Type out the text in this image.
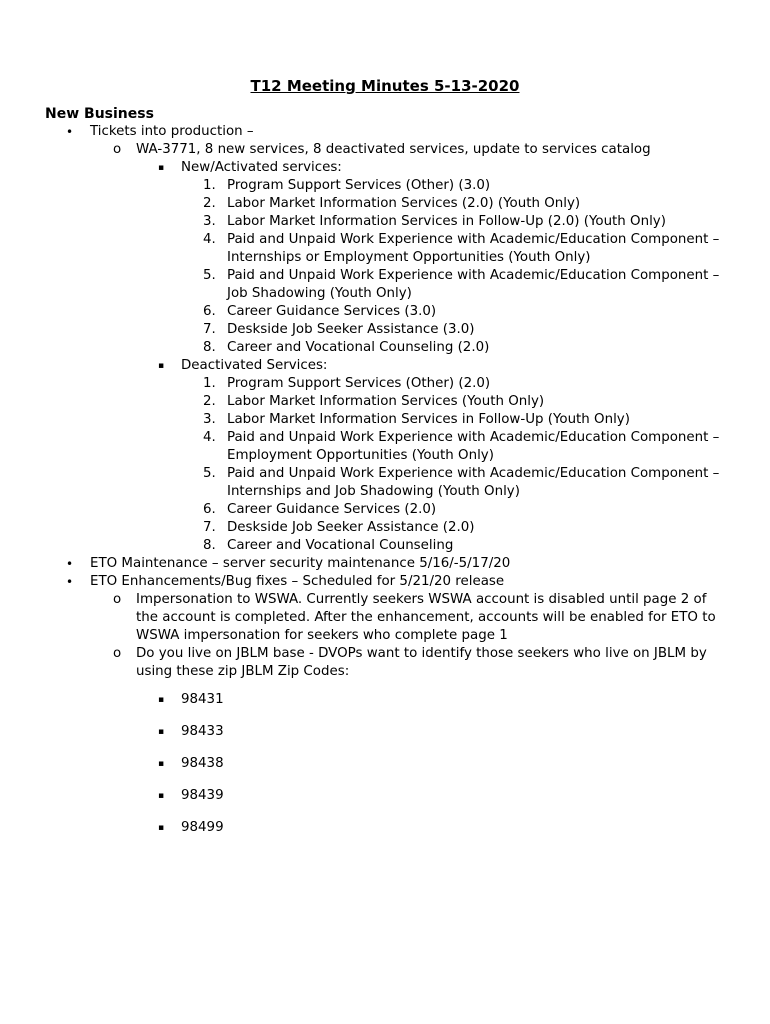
T12 Meeting Minutes 5-13-2020
New Business
• Tickets into production –
o WA-3771, 8 new services, 8 deactivated services, update to services catalog
▪ New/Activated services:
1. Program Support Services (Other) (3.0)
2. Labor Market Information Services (2.0) (Youth Only)
3. Labor Market Information Services in Follow-Up (2.0) (Youth Only)
4. Paid and Unpaid Work Experience with Academic/Education Component – Internships or Employment Opportunities (Youth Only)
5. Paid and Unpaid Work Experience with Academic/Education Component – Job Shadowing (Youth Only)
6. Career Guidance Services (3.0)
7. Deskside Job Seeker Assistance (3.0)
8. Career and Vocational Counseling (2.0)
▪ Deactivated Services:
1. Program Support Services (Other) (2.0)
2. Labor Market Information Services (Youth Only)
3. Labor Market Information Services in Follow-Up (Youth Only)
4. Paid and Unpaid Work Experience with Academic/Education Component – Employment Opportunities (Youth Only)
5. Paid and Unpaid Work Experience with Academic/Education Component – Internships and Job Shadowing (Youth Only)
6. Career Guidance Services (2.0)
7. Deskside Job Seeker Assistance (2.0)
8. Career and Vocational Counseling
• ETO Maintenance – server security maintenance 5/16/-5/17/20
• ETO Enhancements/Bug fixes – Scheduled for 5/21/20 release
o Impersonation to WSWA. Currently seekers WSWA account is disabled until page 2 of the account is completed. After the enhancement, accounts will be enabled for ETO to WSWA impersonation for seekers who complete page 1
o Do you live on JBLM base - DVOPs want to identify those seekers who live on JBLM by using these zip JBLM Zip Codes:
▪ 98431
▪ 98433
▪ 98438
▪ 98439
▪ 98499
